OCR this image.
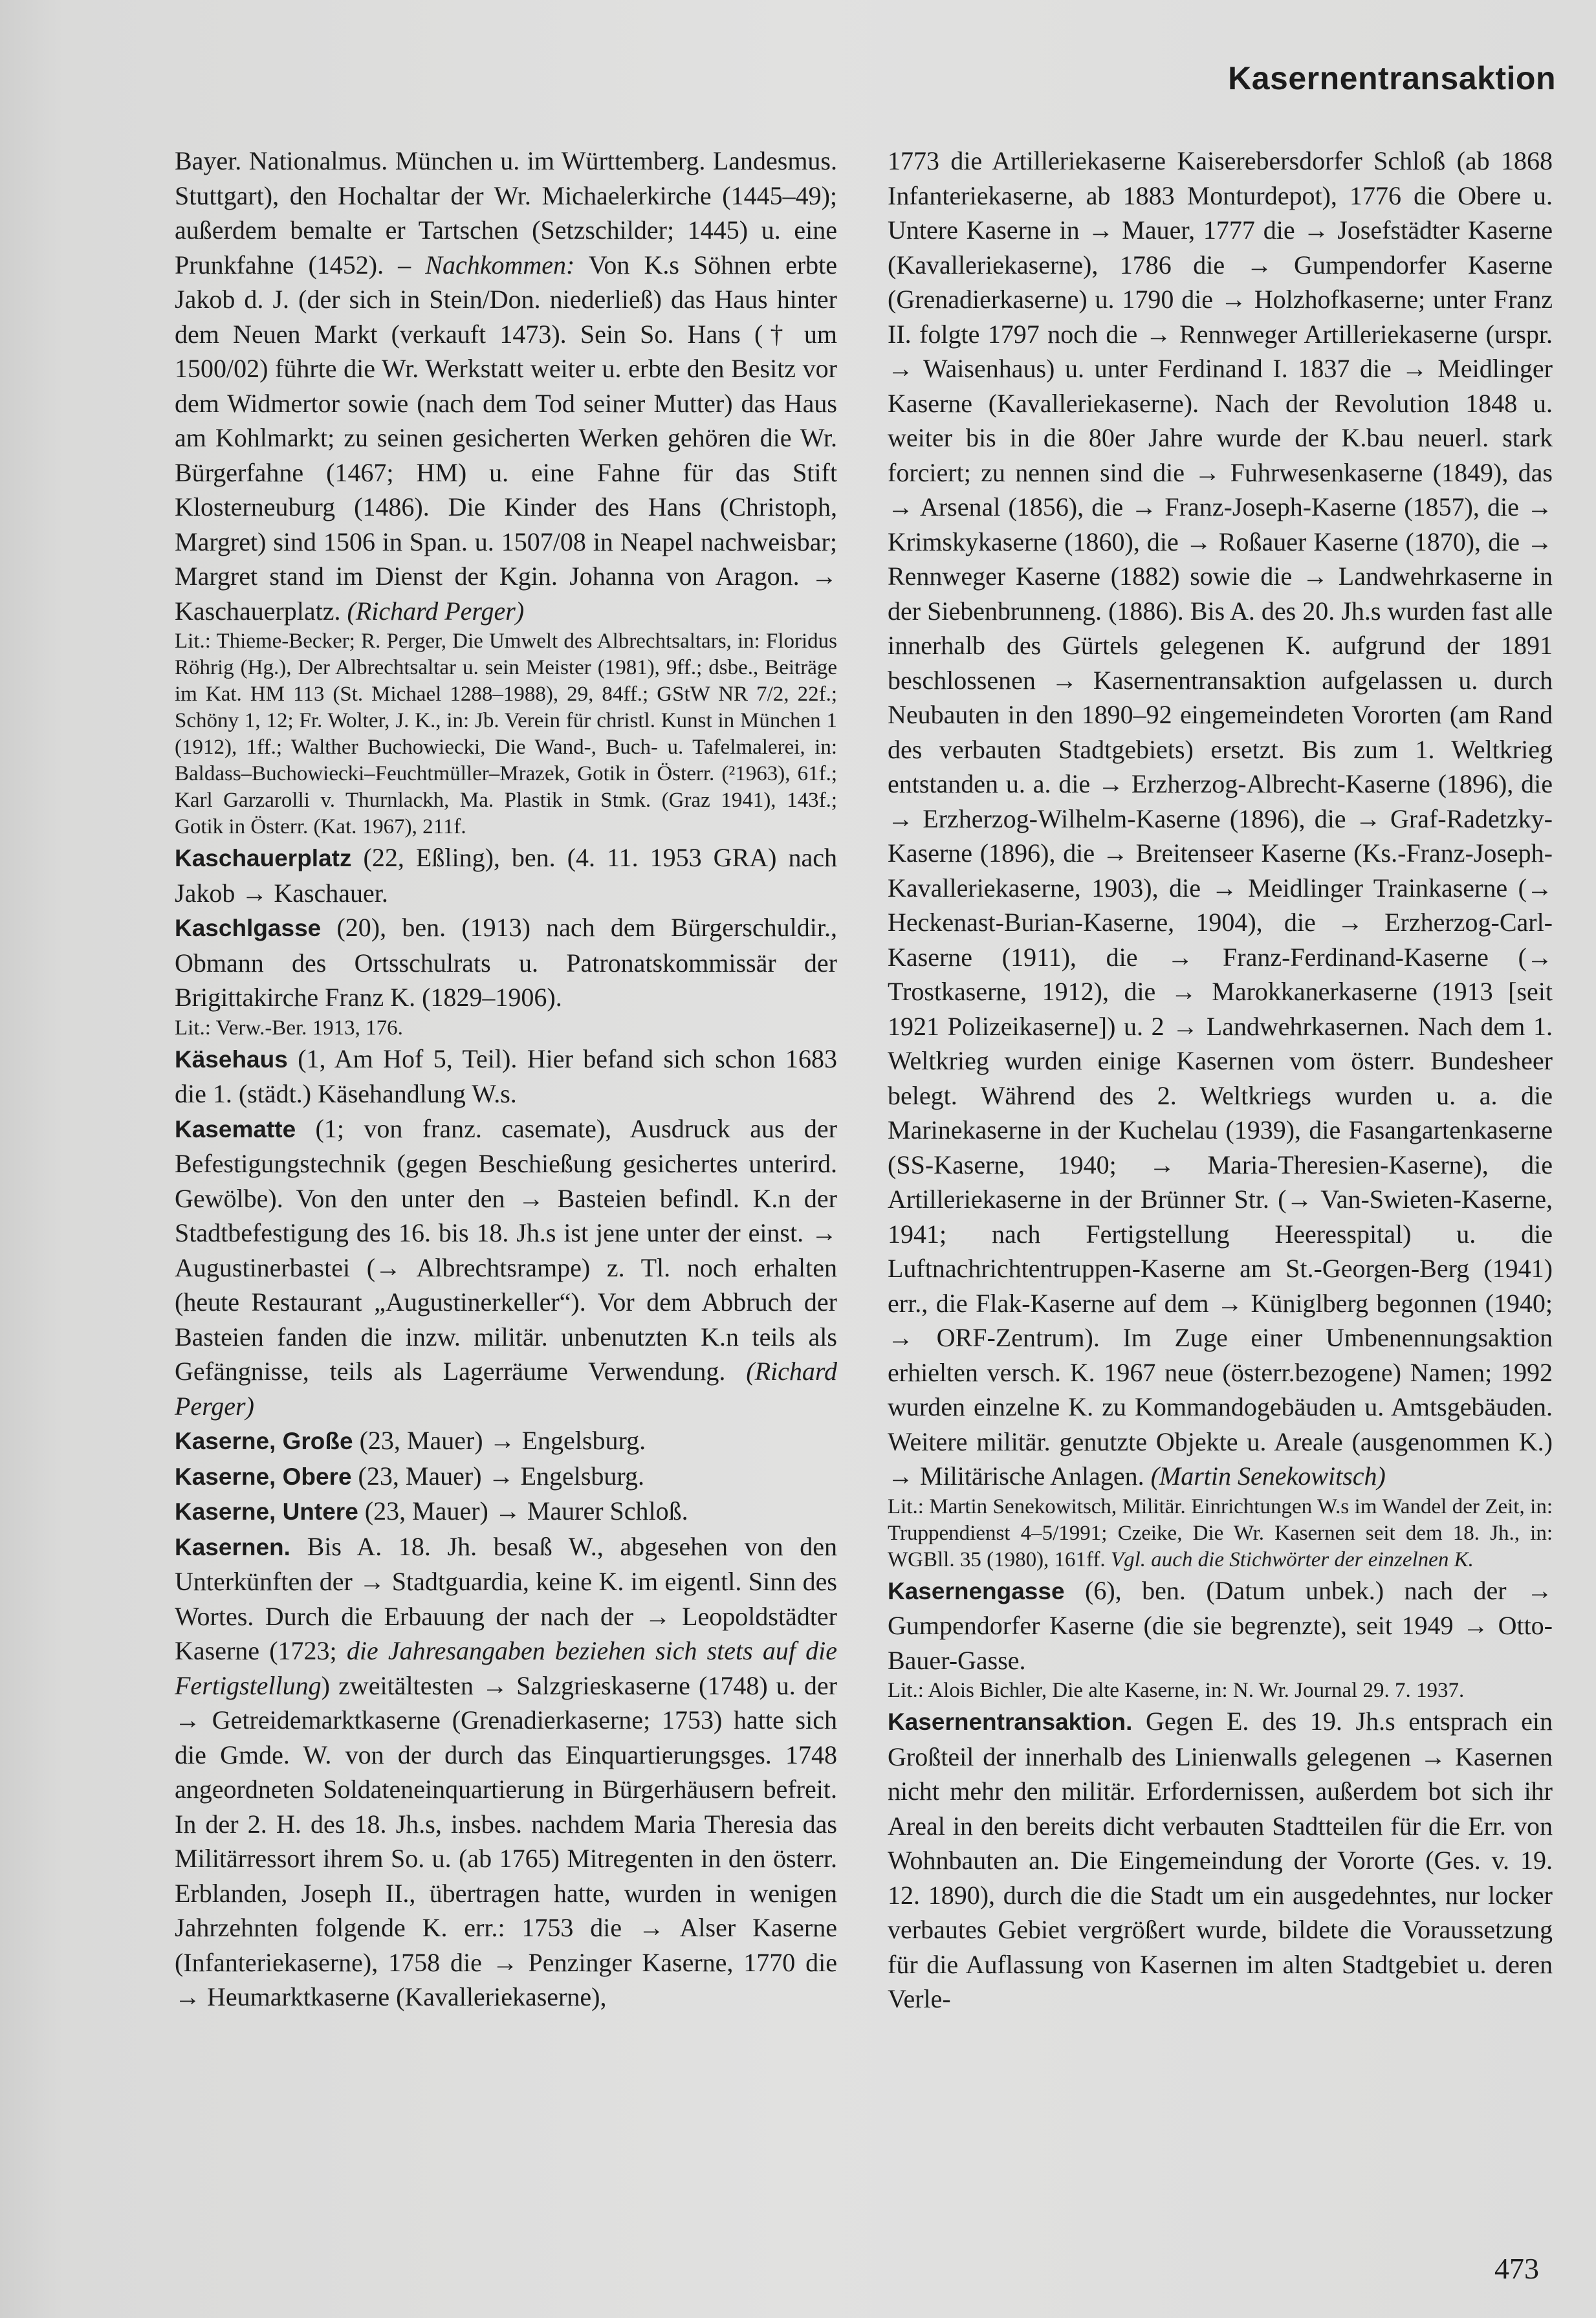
Kasernentransaktion

Bayer. Nationalmus. München u. im Württemberg. Landesmus. Stuttgart), den Hochaltar der Wr. Michaelerkirche (1445–49); außerdem bemalte er Tartschen (Setzschilder; 1445) u. eine Prunkfahne (1452). – Nachkommen: Von K.s Söhnen erbte Jakob d. J. (der sich in Stein/Don. niederließ) das Haus hinter dem Neuen Markt (verkauft 1473). Sein So. Hans († um 1500/02) führte die Wr. Werkstatt weiter u. erbte den Besitz vor dem Widmertor sowie (nach dem Tod seiner Mutter) das Haus am Kohlmarkt; zu seinen gesicherten Werken gehören die Wr. Bürgerfahne (1467; HM) u. eine Fahne für das Stift Klosterneuburg (1486). Die Kinder des Hans (Christoph, Margret) sind 1506 in Span. u. 1507/08 in Neapel nachweisbar; Margret stand im Dienst der Kgin. Johanna von Aragon. → Kaschauerplatz. (Richard Perger)

Lit.: Thieme-Becker; R. Perger, Die Umwelt des Albrechtsaltars, in: Floridus Röhrig (Hg.), Der Albrechtsaltar u. sein Meister (1981), 9ff.; dsbe., Beiträge im Kat. HM 113 (St. Michael 1288–1988), 29, 84ff.; GStW NR 7/2, 22f.; Schöny 1, 12; Fr. Wolter, J. K., in: Jb. Verein für christl. Kunst in München 1 (1912), 1ff.; Walther Buchowiecki, Die Wand-, Buch- u. Tafelmalerei, in: Baldass–Buchowiecki–Feuchtmüller–Mrazek, Gotik in Österr. (²1963), 61f.; Karl Garzarolli v. Thurnlackh, Ma. Plastik in Stmk. (Graz 1941), 143f.; Gotik in Österr. (Kat. 1967), 211f.

Kaschauerplatz (22, Eßling), ben. (4. 11. 1953 GRA) nach Jakob → Kaschauer.

Kaschlgasse (20), ben. (1913) nach dem Bürgerschuldir., Obmann des Ortsschulrats u. Patronatskommissär der Brigittakirche Franz K. (1829–1906).

Lit.: Verw.-Ber. 1913, 176.

Käsehaus (1, Am Hof 5, Teil). Hier befand sich schon 1683 die 1. (städt.) Käsehandlung W.s.

Kasematte (1; von franz. casemate), Ausdruck aus der Befestigungstechnik (gegen Beschießung gesichertes unterird. Gewölbe). Von den unter den → Basteien befindl. K.n der Stadtbefestigung des 16. bis 18. Jh.s ist jene unter der einst. → Augustinerbastei (→ Albrechtsrampe) z. Tl. noch erhalten (heute Restaurant „Augustinerkeller“). Vor dem Abbruch der Basteien fanden die inzw. militär. unbenutzten K.n teils als Gefängnisse, teils als Lagerräume Verwendung. (Richard Perger)

Kaserne, Große (23, Mauer) → Engelsburg.

Kaserne, Obere (23, Mauer) → Engelsburg.

Kaserne, Untere (23, Mauer) → Maurer Schloß.

Kasernen. Bis A. 18. Jh. besaß W., abgesehen von den Unterkünften der → Stadtguardia, keine K. im eigentl. Sinn des Wortes. Durch die Erbauung der nach der → Leopoldstädter Kaserne (1723; die Jahresangaben beziehen sich stets auf die Fertigstellung) zweitältesten → Salzgrieskaserne (1748) u. der → Getreidemarktkaserne (Grenadierkaserne; 1753) hatte sich die Gmde. W. von der durch das Einquartierungsges. 1748 angeordneten Soldateneinquartierung in Bürgerhäusern befreit. In der 2. H. des 18. Jh.s, insbes. nachdem Maria Theresia das Militärressort ihrem So. u. (ab 1765) Mitregenten in den österr. Erblanden, Joseph II., übertragen hatte, wurden in wenigen Jahrzehnten folgende K. err.: 1753 die → Alser Kaserne (Infanteriekaserne), 1758 die → Penzinger Kaserne, 1770 die → Heumarktkaserne (Kavalleriekaserne),

1773 die Artilleriekaserne Kaiserebersdorfer Schloß (ab 1868 Infanteriekaserne, ab 1883 Monturdepot), 1776 die Obere u. Untere Kaserne in → Mauer, 1777 die → Josefstädter Kaserne (Kavalleriekaserne), 1786 die → Gumpendorfer Kaserne (Grenadierkaserne) u. 1790 die → Holzhofkaserne; unter Franz II. folgte 1797 noch die → Rennweger Artilleriekaserne (urspr. → Waisenhaus) u. unter Ferdinand I. 1837 die → Meidlinger Kaserne (Kavalleriekaserne). Nach der Revolution 1848 u. weiter bis in die 80er Jahre wurde der K.bau neuerl. stark forciert; zu nennen sind die → Fuhrwesenkaserne (1849), das → Arsenal (1856), die → Franz-Joseph-Kaserne (1857), die → Krimskykaserne (1860), die → Roßauer Kaserne (1870), die → Rennweger Kaserne (1882) sowie die → Landwehrkaserne in der Siebenbrunneng. (1886). Bis A. des 20. Jh.s wurden fast alle innerhalb des Gürtels gelegenen K. aufgrund der 1891 beschlossenen → Kasernentransaktion aufgelassen u. durch Neubauten in den 1890–92 eingemeindeten Vororten (am Rand des verbauten Stadtgebiets) ersetzt. Bis zum 1. Weltkrieg entstanden u. a. die → Erzherzog-Albrecht-Kaserne (1896), die → Erzherzog-Wilhelm-Kaserne (1896), die → Graf-Radetzky-Kaserne (1896), die → Breitenseer Kaserne (Ks.-Franz-Joseph-Kavalleriekaserne, 1903), die → Meidlinger Trainkaserne (→ Heckenast-Burian-Kaserne, 1904), die → Erzherzog-Carl-Kaserne (1911), die → Franz-Ferdinand-Kaserne (→ Trostkaserne, 1912), die → Marokkanerkaserne (1913 [seit 1921 Polizeikaserne]) u. 2 → Landwehrkasernen. Nach dem 1. Weltkrieg wurden einige Kasernen vom österr. Bundesheer belegt. Während des 2. Weltkriegs wurden u. a. die Marinekaserne in der Kuchelau (1939), die Fasangartenkaserne (SS-Kaserne, 1940; → Maria-Theresien-Kaserne), die Artilleriekaserne in der Brünner Str. (→ Van-Swieten-Kaserne, 1941; nach Fertigstellung Heeresspital) u. die Luftnachrichtentruppen-Kaserne am St.-Georgen-Berg (1941) err., die Flak-Kaserne auf dem → Küniglberg begonnen (1940; → ORF-Zentrum). Im Zuge einer Umbenennungsaktion erhielten versch. K. 1967 neue (österr.bezogene) Namen; 1992 wurden einzelne K. zu Kommandogebäuden u. Amtsgebäuden. Weitere militär. genutzte Objekte u. Areale (ausgenommen K.) → Militärische Anlagen. (Martin Senekowitsch)

Lit.: Martin Senekowitsch, Militär. Einrichtungen W.s im Wandel der Zeit, in: Truppendienst 4–5/1991; Czeike, Die Wr. Kasernen seit dem 18. Jh., in: WGBll. 35 (1980), 161ff. Vgl. auch die Stichwörter der einzelnen K.

Kasernengasse (6), ben. (Datum unbek.) nach der → Gumpendorfer Kaserne (die sie begrenzte), seit 1949 → Otto-Bauer-Gasse.

Lit.: Alois Bichler, Die alte Kaserne, in: N. Wr. Journal 29. 7. 1937.

Kasernentransaktion. Gegen E. des 19. Jh.s entsprach ein Großteil der innerhalb des Linienwalls gelegenen → Kasernen nicht mehr den militär. Erfordernissen, außerdem bot sich ihr Areal in den bereits dicht verbauten Stadtteilen für die Err. von Wohnbauten an. Die Eingemeindung der Vororte (Ges. v. 19. 12. 1890), durch die die Stadt um ein ausgedehntes, nur locker verbautes Gebiet vergrößert wurde, bildete die Voraussetzung für die Auflassung von Kasernen im alten Stadtgebiet u. deren Verle-

473
